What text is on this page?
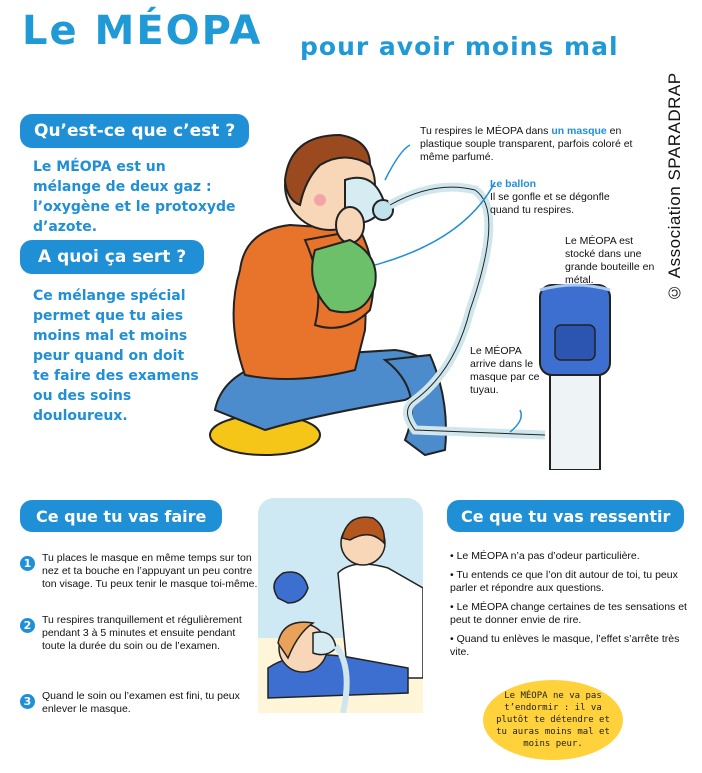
Le MÉOPA pour avoir moins mal
© Association SPARADRAP
Qu’est-ce que c’est ?
Le MÉOPA est un mélange de deux gaz : l’oxygène et le protoxyde d’azote.
A quoi ça sert ?
Ce mélange spécial permet que tu aies moins mal et moins peur quand on doit te faire des examens ou des soins douloureux.
Tu respires le MÉOPA dans un masque en plastique souple transparent, parfois coloré et même parfumé.
Le ballon
Il se gonfle et se dégonfle quand tu respires.
Le MÉOPA est stocké dans une grande bouteille en métal.
Le MÉOPA arrive dans le masque par ce tuyau.
Ce que tu vas faire
1	Tu places le masque en même temps sur ton nez et ta bouche en l’appuyant un peu contre ton visage. Tu peux tenir le masque toi-même.
2	Tu respires tranquillement et régulièrement pendant 3 à 5 minutes et ensuite pendant toute la durée du soin ou de l’examen.
3	Quand le soin ou l’examen est fini, tu peux enlever le masque.
Ce que tu vas ressentir
• Le MÉOPA n’a pas d’odeur particulière.
• Tu entends ce que l’on dit autour de toi, tu peux parler et répondre aux questions.
• Le MÉOPA change certaines de tes sensations et peut te donner envie de rire.
• Quand tu enlèves le masque, l’effet s’arrête très vite.
Le MÉOPA ne va pas t’endormir : il va plutôt te détendre et tu auras moins mal et moins peur.
